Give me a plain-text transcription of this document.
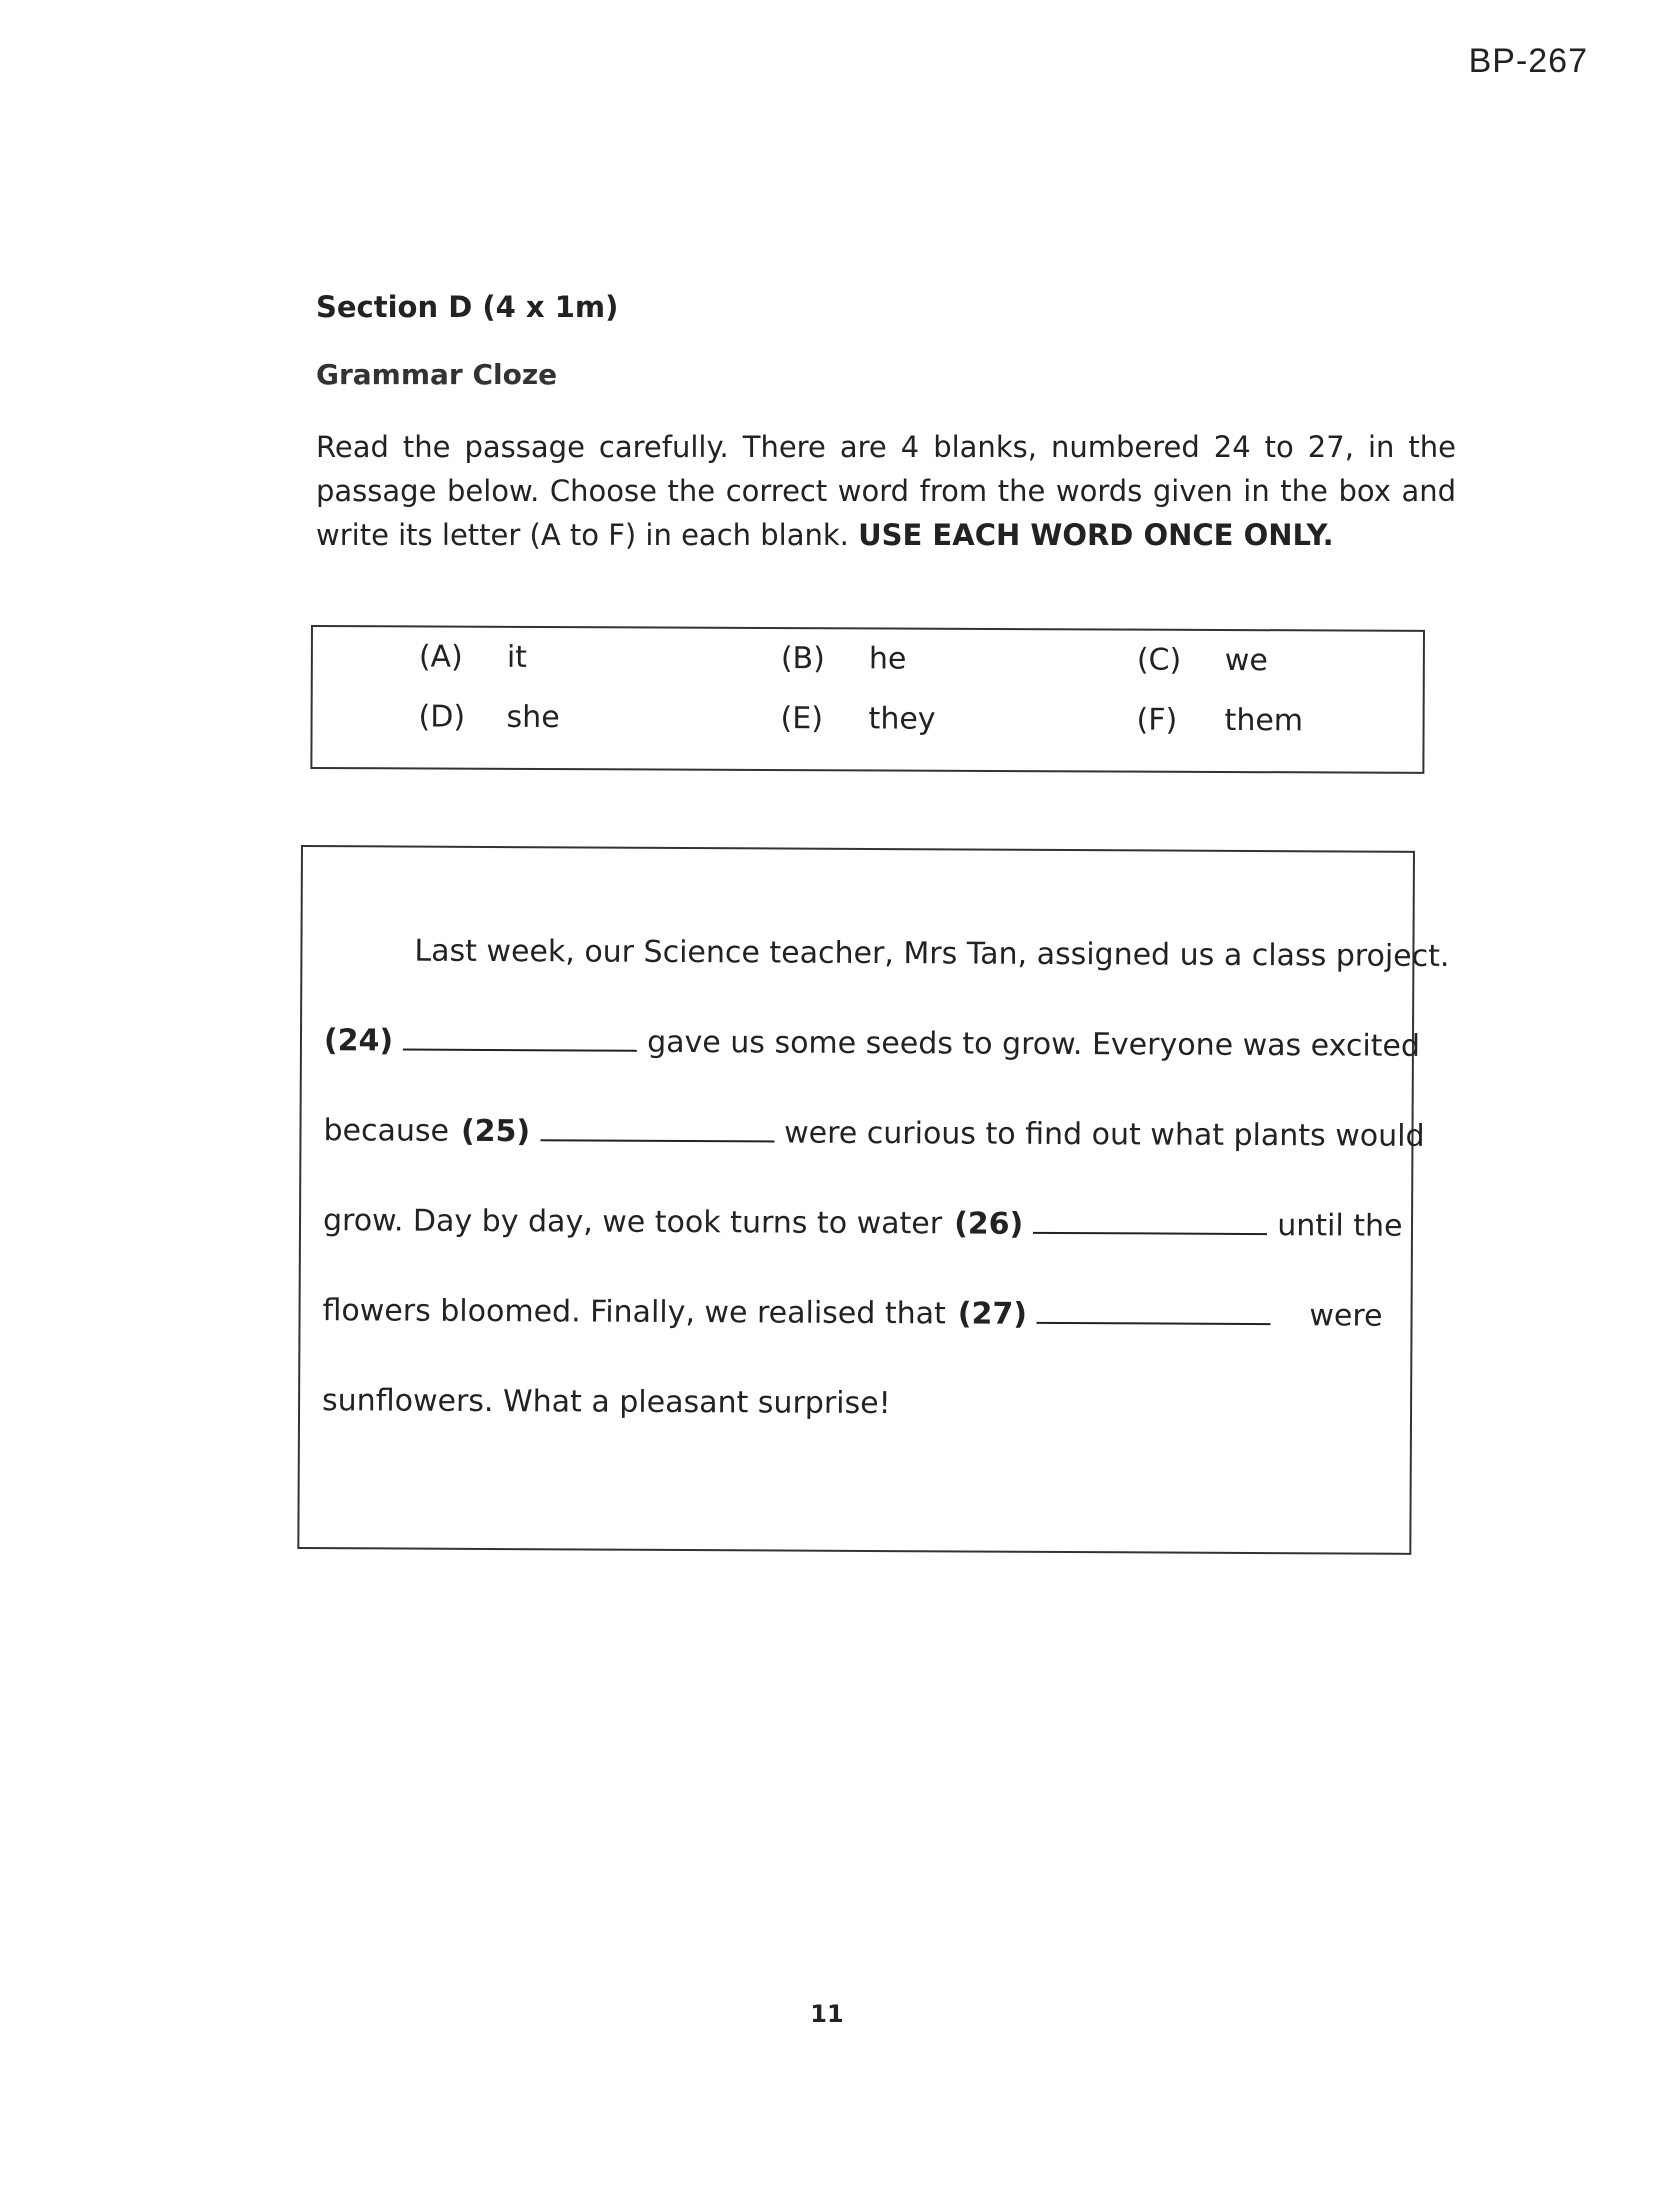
BP-267
Section D (4 x 1m)
Grammar Cloze
Read the passage carefully. There are 4 blanks, numbered 24 to 27, in the passage below. Choose the correct word from the words given in the box and write its letter (A to F) in each blank. USE EACH WORD ONCE ONLY.
(A) it	(B) he	(C) we
(D) she	(E) they	(F) them
Last week, our Science teacher, Mrs Tan, assigned us a class project.
(24)	gave us some seeds to grow. Everyone was excited
because (25)	were curious to find out what plants would
grow. Day by day, we took turns to water (26)	until the
flowers bloomed. Finally, we realised that (27)	were
sunflowers. What a pleasant surprise!
11
